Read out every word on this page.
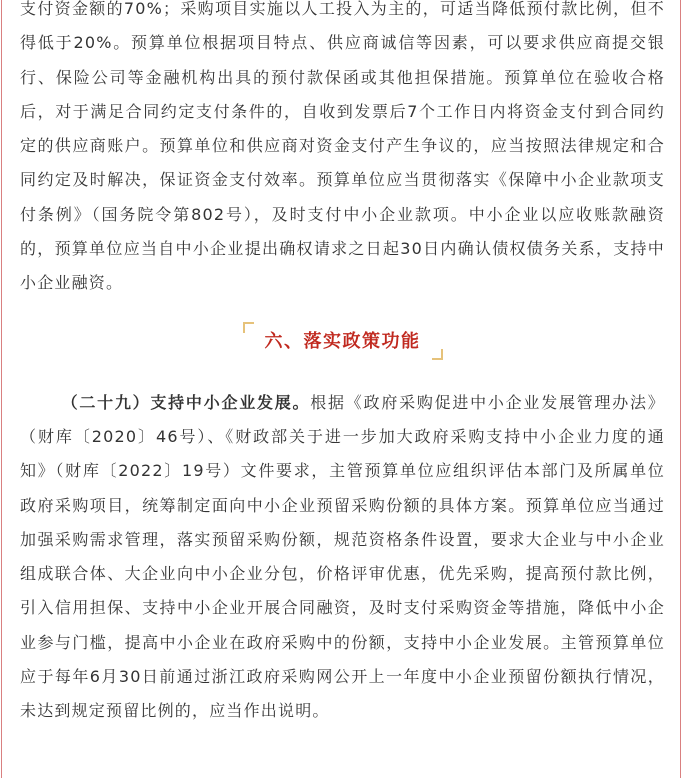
支付资金额的70%；采购项目实施以人工投入为主的，可适当降低预付款比例，但不得低于20%。预算单位根据项目特点、供应商诚信等因素，可以要求供应商提交银行、保险公司等金融机构出具的预付款保函或其他担保措施。预算单位在验收合格后，对于满足合同约定支付条件的，自收到发票后7个工作日内将资金支付到合同约定的供应商账户。预算单位和供应商对资金支付产生争议的，应当按照法律规定和合同约定及时解决，保证资金支付效率。预算单位应当贯彻落实《保障中小企业款项支付条例》（国务院令第802号），及时支付中小企业款项。中小企业以应收账款融资的，预算单位应当自中小企业提出确权请求之日起30日内确认债权债务关系，支持中小企业融资。

六、落实政策功能

（二十九）支持中小企业发展。根据《政府采购促进中小企业发展管理办法》（财库〔2020〕46号）、《财政部关于进一步加大政府采购支持中小企业力度的通知》（财库〔2022〕19号）文件要求，主管预算单位应组织评估本部门及所属单位政府采购项目，统筹制定面向中小企业预留采购份额的具体方案。预算单位应当通过加强采购需求管理，落实预留采购份额，规范资格条件设置，要求大企业与中小企业组成联合体、大企业向中小企业分包，价格评审优惠，优先采购，提高预付款比例，引入信用担保、支持中小企业开展合同融资，及时支付采购资金等措施，降低中小企业参与门槛，提高中小企业在政府采购中的份额，支持中小企业发展。主管预算单位应于每年6月30日前通过浙江政府采购网公开上一年度中小企业预留份额执行情况，未达到规定预留比例的，应当作出说明。
